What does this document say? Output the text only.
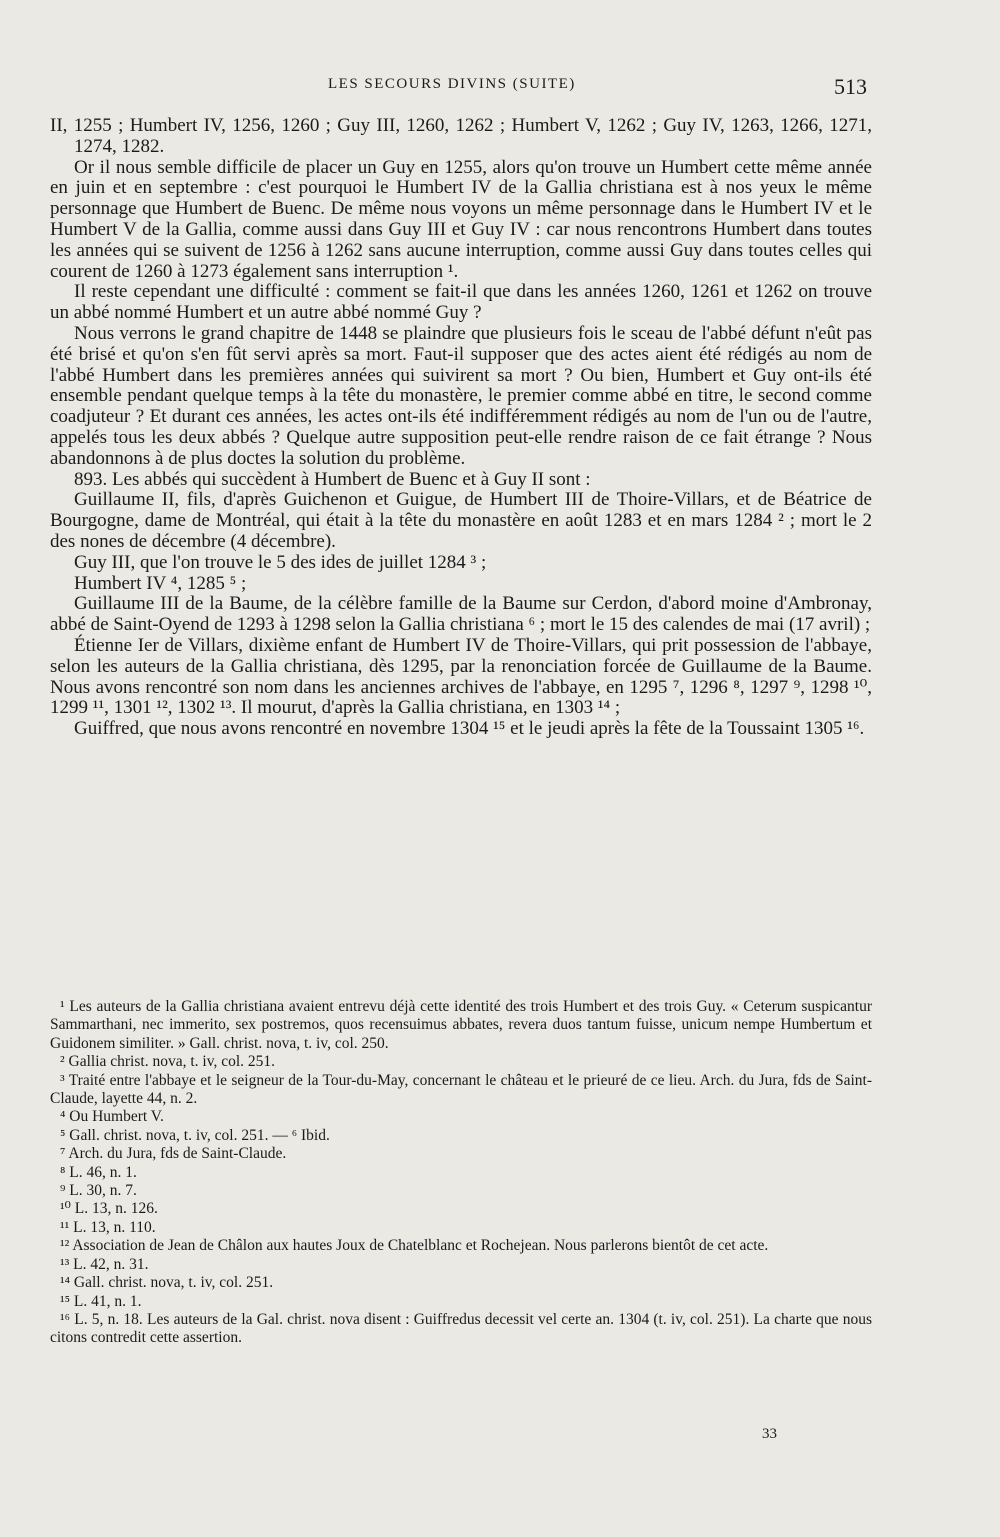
LES SECOURS DIVINS (SUITE)	513

II, 1255 ; Humbert IV, 1256, 1260 ; Guy III, 1260, 1262 ; Humbert V, 1262 ; Guy IV, 1263, 1266, 1271, 1274, 1282.

Or il nous semble difficile de placer un Guy en 1255, alors qu'on trouve un Humbert cette même année en juin et en septembre : c'est pourquoi le Humbert IV de la Gallia christiana est à nos yeux le même personnage que Humbert de Buenc. De même nous voyons un même personnage dans le Humbert IV et le Humbert V de la Gallia, comme aussi dans Guy III et Guy IV : car nous rencontrons Humbert dans toutes les années qui se suivent de 1256 à 1262 sans aucune interruption, comme aussi Guy dans toutes celles qui courent de 1260 à 1273 également sans interruption ¹.

Il reste cependant une difficulté : comment se fait-il que dans les années 1260, 1261 et 1262 on trouve un abbé nommé Humbert et un autre abbé nommé Guy ?

Nous verrons le grand chapitre de 1448 se plaindre que plusieurs fois le sceau de l'abbé défunt n'eût pas été brisé et qu'on s'en fût servi après sa mort. Faut-il supposer que des actes aient été rédigés au nom de l'abbé Humbert dans les premières années qui suivirent sa mort ? Ou bien, Humbert et Guy ont-ils été ensemble pendant quelque temps à la tête du monastère, le premier comme abbé en titre, le second comme coadjuteur ? Et durant ces années, les actes ont-ils été indifféremment rédigés au nom de l'un ou de l'autre, appelés tous les deux abbés ? Quelque autre supposition peut-elle rendre raison de ce fait étrange ? Nous abandonnons à de plus doctes la solution du problème.

893. Les abbés qui succèdent à Humbert de Buenc et à Guy II sont :

Guillaume II, fils, d'après Guichenon et Guigue, de Humbert III de Thoire-Villars, et de Béatrice de Bourgogne, dame de Montréal, qui était à la tête du monastère en août 1283 et en mars 1284 ² ; mort le 2 des nones de décembre (4 décembre).

Guy III, que l'on trouve le 5 des ides de juillet 1284 ³ ;

Humbert IV ⁴, 1285 ⁵ ;

Guillaume III de la Baume, de la célèbre famille de la Baume sur Cerdon, d'abord moine d'Ambronay, abbé de Saint-Oyend de 1293 à 1298 selon la Gallia christiana ⁶ ; mort le 15 des calendes de mai (17 avril) ;

Étienne Ier de Villars, dixième enfant de Humbert IV de Thoire-Villars, qui prit possession de l'abbaye, selon les auteurs de la Gallia christiana, dès 1295, par la renonciation forcée de Guillaume de la Baume. Nous avons rencontré son nom dans les anciennes archives de l'abbaye, en 1295 ⁷, 1296 ⁸, 1297 ⁹, 1298 ¹⁰, 1299 ¹¹, 1301 ¹², 1302 ¹³. Il mourut, d'après la Gallia christiana, en 1303 ¹⁴ ;

Guiffred, que nous avons rencontré en novembre 1304 ¹⁵ et le jeudi après la fête de la Toussaint 1305 ¹⁶.

¹ Les auteurs de la Gallia christiana avaient entrevu déjà cette identité des trois Humbert et des trois Guy. « Ceterum suspicantur Sammarthani, nec immerito, sex postremos, quos recensuimus abbates, revera duos tantum fuisse, unicum nempe Humbertum et Guidonem similiter. » Gall. christ. nova, t. iv, col. 250.

² Gallia christ. nova, t. iv, col. 251.

³ Traité entre l'abbaye et le seigneur de la Tour-du-May, concernant le château et le prieuré de ce lieu. Arch. du Jura, fds de Saint-Claude, layette 44, n. 2.

⁴ Ou Humbert V.

⁵ Gall. christ. nova, t. iv, col. 251. — ⁶ Ibid.

⁷ Arch. du Jura, fds de Saint-Claude.

⁸ L. 46, n. 1.

⁹ L. 30, n. 7.

¹⁰ L. 13, n. 126.

¹¹ L. 13, n. 110.

¹² Association de Jean de Châlon aux hautes Joux de Chatelblanc et Rochejean. Nous parlerons bientôt de cet acte.

¹³ L. 42, n. 31.

¹⁴ Gall. christ. nova, t. iv, col. 251.

¹⁵ L. 41, n. 1.

¹⁶ L. 5, n. 18. Les auteurs de la Gal. christ. nova disent : Guiffredus decessit vel certe an. 1304 (t. iv, col. 251). La charte que nous citons contredit cette assertion.

33
